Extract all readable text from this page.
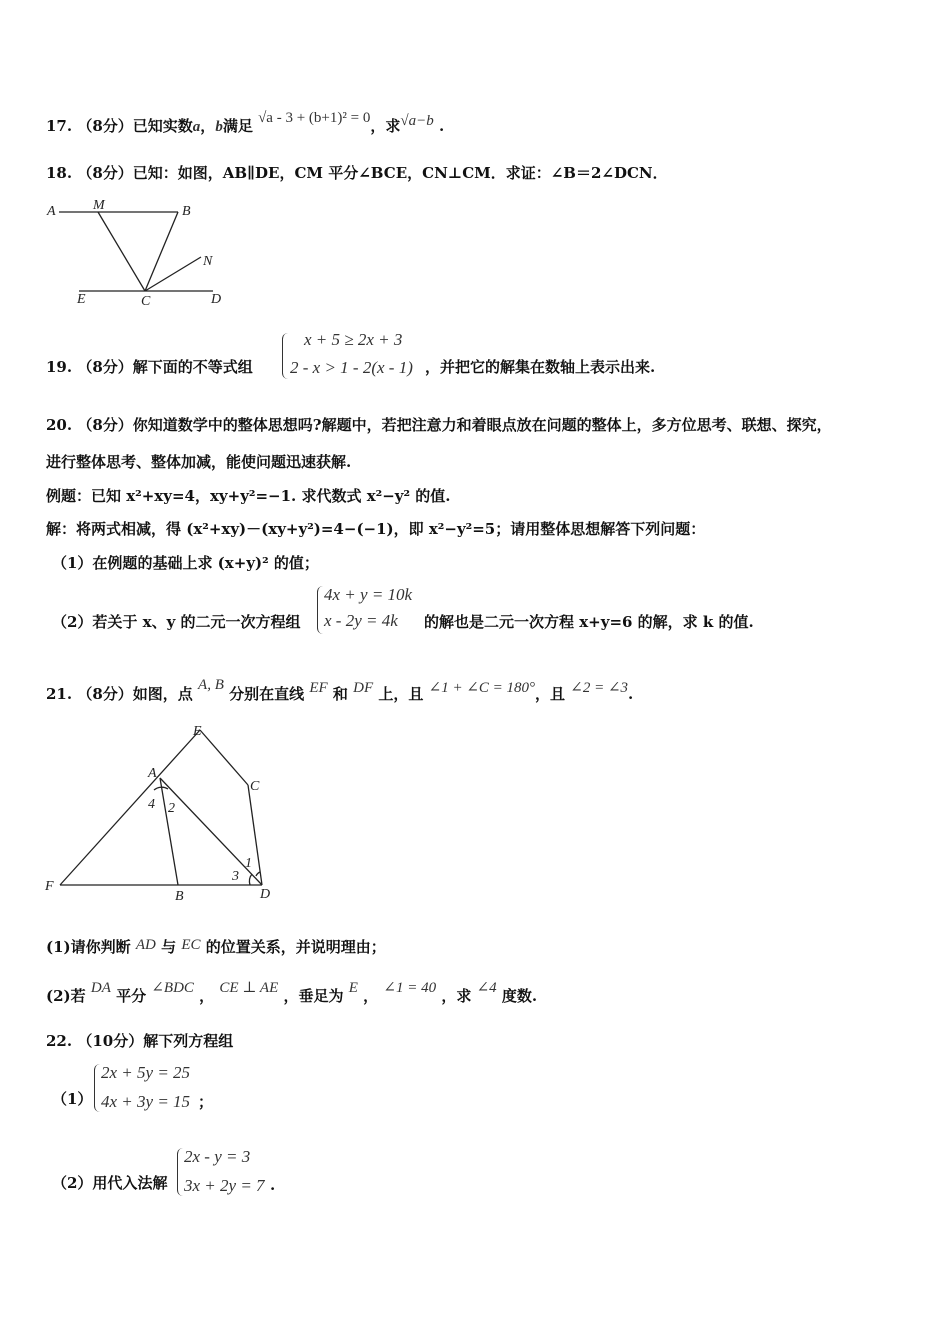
17. （8分）已知实数a，b满足 √a - 3 + (b+1)² = 0，求√a−b .
18. （8分）已知：如图，AB∥DE，CM 平分∠BCE，CN⊥CM．求证：∠B＝2∠DCN．
A	M	B
N
E	C	D
19. （8分）解下面的不等式组
x + 5 ≥ 2x + 3
2 - x > 1 - 2(x - 1) ，并把它的解集在数轴上表示出来.
20. （8分）你知道数学中的整体思想吗?解题中，若把注意力和着眼点放在问题的整体上，多方位思考、联想、探究，
进行整体思考、整体加减，能使问题迅速获解.
例题：已知 x²+xy=4，xy+y²=−1. 求代数式 x²−y² 的值.
解：将两式相减，得 (x²+xy)－(xy+y²)=4−(−1)，即 x²−y²=5；请用整体思想解答下列问题：
（1）在例题的基础上求 (x+y)² 的值；
（2）若关于 x、y 的二元一次方程组
4x + y = 10k
x - 2y = 4k 的解也是二元一次方程 x+y=6 的解，求 k 的值.
21. （8分）如图，点 A, B 分别在直线 EF 和 DF 上，且 ∠1 + ∠C = 180°，且 ∠2 = ∠3.
E
A
C
4 2
1
3
F
B	D
(1)请你判断 AD 与 EC 的位置关系，并说明理由；
(2)若 DA 平分 ∠BDC ， CE ⊥ AE ，垂足为 E ， ∠1 = 40 ，求 ∠4 度数.
22. （10分）解下列方程组
（1）
2x + 5y = 25
4x + 3y = 15 ；
（2）用代入法解
2x - y = 3
3x + 2y = 7 .
